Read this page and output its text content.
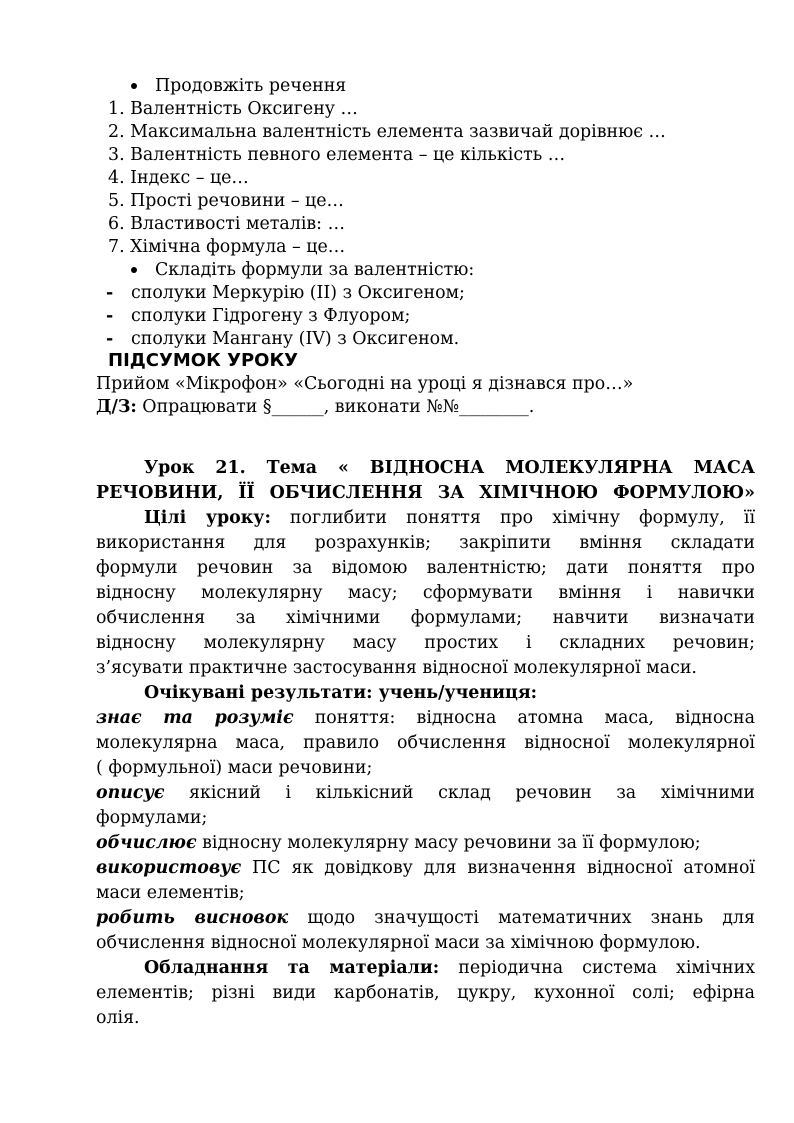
Продовжіть речення
1. Валентність Оксигену …
2. Максимальна валентність елемента зазвичай дорівнює …
3. Валентність певного елемента – це кількість …
4. Індекс – це…
5. Прості речовини – це…
6. Властивості металів: …
7. Хімічна формула – це…
Складіть формули за валентністю:
- сполуки Меркурію (ІІ) з Оксигеном;
- сполуки Гідрогену з Флуором;
- сполуки Мангану (ІV) з Оксигеном.
ПІДСУМОК УРОКУ
Прийом «Мікрофон» «Сьогодні на уроці я дізнався про…»
Д/З: Опрацювати §______, виконати №№________.
Урок 21. Тема « ВІДНОСНА МОЛЕКУЛЯРНА МАСА
РЕЧОВИНИ, ЇЇ ОБЧИСЛЕННЯ ЗА ХІМІЧНОЮ ФОРМУЛОЮ»
Цілі уроку: поглибити поняття про хімічну формулу, її
використання для розрахунків; закріпити вміння складати
формули речовин за відомою валентністю; дати поняття про
відносну молекулярну масу; сформувати вміння і навички
обчислення за хімічними формулами; навчити визначати
відносну молекулярну масу простих і складних речовин;
з’ясувати практичне застосування відносної молекулярної маси.
Очікувані результати: учень/учениця:
знає та розуміє поняття: відносна атомна маса, відносна
молекулярна маса, правило обчислення відносної молекулярної
( формульної) маси речовини;
описує якісний і кількісний склад речовин за хімічними
формулами;
обчислює відносну молекулярну масу речовини за її формулою;
використовує ПС як довідкову для визначення відносної атомної
маси елементів;
робить висновок щодо значущості математичних знань для
обчислення відносної молекулярної маси за хімічною формулою.
Обладнання та матеріали: періодична система хімічних
елементів; різні види карбонатів, цукру, кухонної солі; ефірна
олія.
